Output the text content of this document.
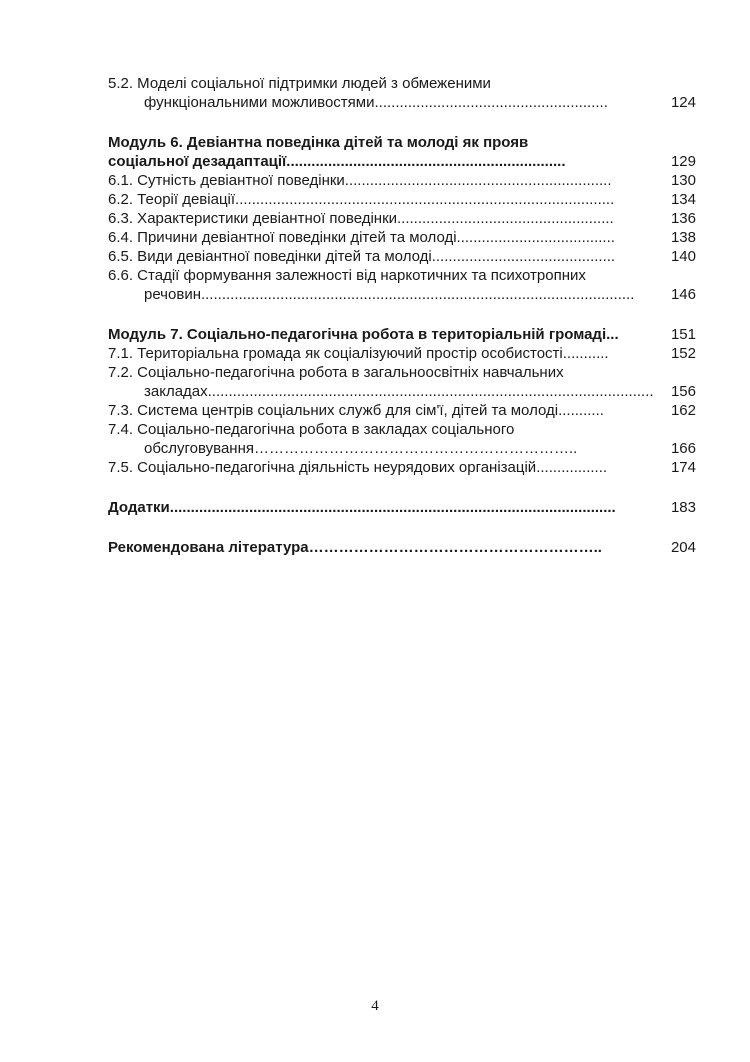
5.2. Моделі соціальної підтримки людей з обмеженими
функціональними можливостями........................................................	124
Модуль 6. Девіантна поведінка дітей та молоді як прояв
соціальної дезадаптації...................................................................	129
6.1. Сутність девіантної поведінки................................................................	130
6.2. Теорії девіації...........................................................................................	134
6.3. Характеристики девіантної поведінки....................................................	136
6.4. Причини девіантної поведінки дітей та молоді......................................	138
6.5. Види девіантної поведінки дітей та молоді............................................	140
6.6. Стадії формування залежності від наркотичних та психотропних
речовин........................................................................................................ 146
Модуль 7. Соціально-педагогічна робота в територіальній громаді...	151
7.1. Територіальна громада як соціалізуючий простір особистості...........	152
7.2. Соціально-педагогічна робота в загальноосвітніх навчальних
закладах........................................................................................................... 156
7.3. Система центрів соціальних служб для сім'ї, дітей та молоді...........	162
7.4. Соціально-педагогічна робота в закладах соціального
обслуговування………………………………………………………..	166
7.5. Соціально-педагогічна діяльність неурядових організацій.................	174
Додатки...........................................................................................................	183
Рекомендована література…………………………………………………..	204
4
